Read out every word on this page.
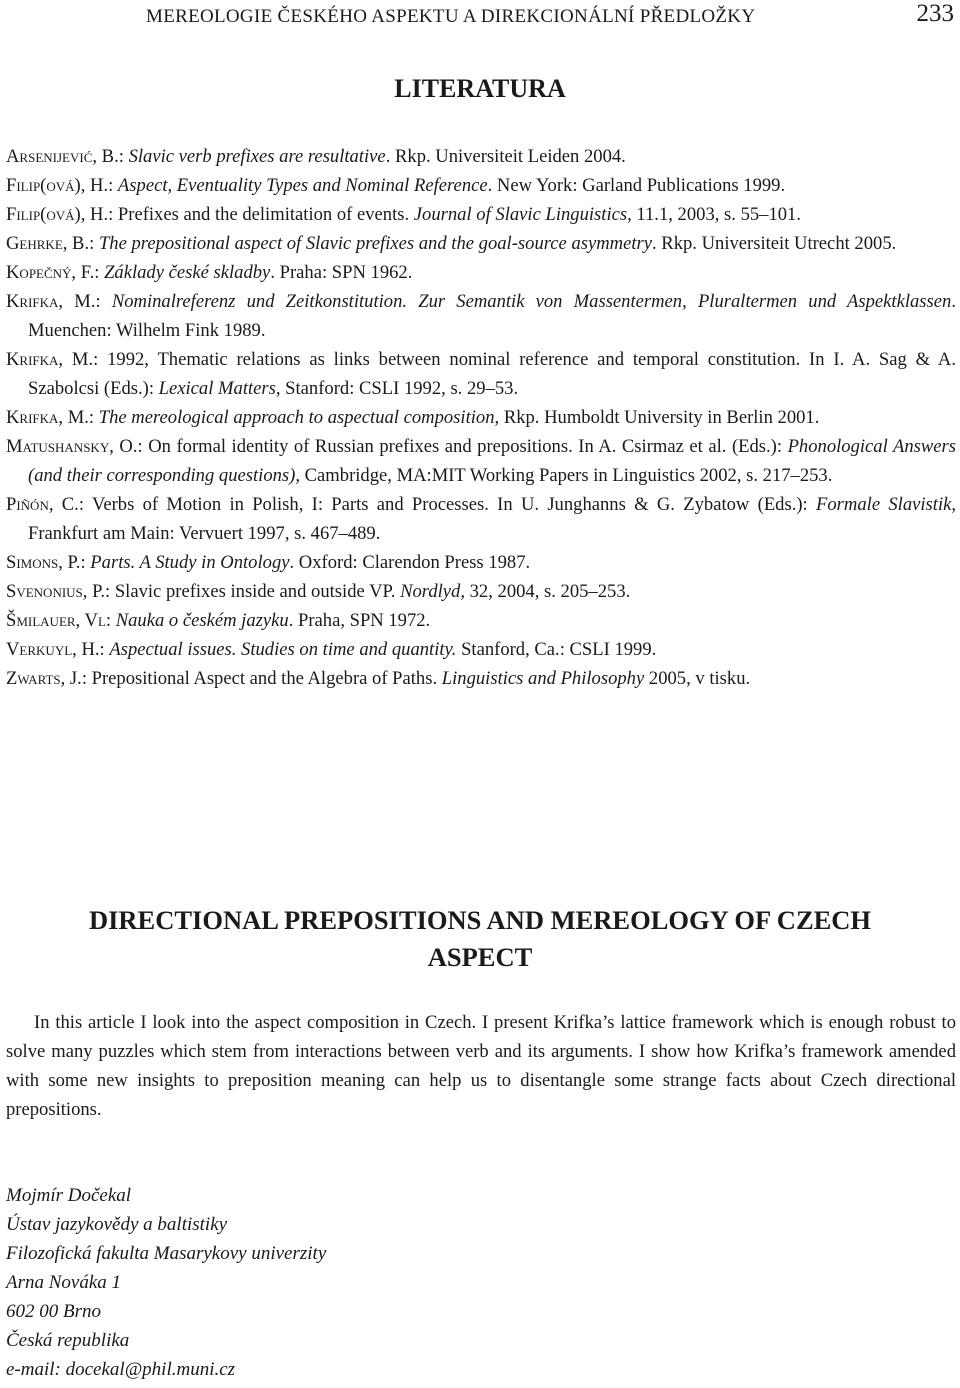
MEREOLOGIE ČESKÉHO ASPEKTU A DIREKCIONÁLNÍ PŘEDLOŽKY	233
LITERATURA
Arsenijević, B.: Slavic verb prefixes are resultative. Rkp. Universiteit Leiden 2004.
Filip(ová), H.: Aspect, Eventuality Types and Nominal Reference. New York: Garland Publications 1999.
Filip(ová), H.: Prefixes and the delimitation of events. Journal of Slavic Linguistics, 11.1, 2003, s. 55–101.
Gehrke, B.: The prepositional aspect of Slavic prefixes and the goal-source asymmetry. Rkp. Universiteit Utrecht 2005.
Kopečný, F.: Základy české skladby. Praha: SPN 1962.
Krifka, M.: Nominalreferenz und Zeitkonstitution. Zur Semantik von Massentermen, Pluraltermen und Aspektklassen. Muenchen: Wilhelm Fink 1989.
Krifka, M.: 1992, Thematic relations as links between nominal reference and temporal constitution. In I. A. Sag & A. Szabolcsi (Eds.): Lexical Matters, Stanford: CSLI 1992, s. 29–53.
Krifka, M.: The mereological approach to aspectual composition, Rkp. Humboldt University in Berlin 2001.
Matushansky, O.: On formal identity of Russian prefixes and prepositions. In A. Csirmaz et al. (Eds.): Phonological Answers (and their corresponding questions), Cambridge, MA:MIT Working Papers in Linguistics 2002, s. 217–253.
Piñón, C.: Verbs of Motion in Polish, I: Parts and Processes. In U. Junghanns & G. Zybatow (Eds.): Formale Slavistik, Frankfurt am Main: Vervuert 1997, s. 467–489.
Simons, P.: Parts. A Study in Ontology. Oxford: Clarendon Press 1987.
Svenonius, P.: Slavic prefixes inside and outside VP. Nordlyd, 32, 2004, s. 205–253.
Šmilauer, Vl: Nauka o českém jazyku. Praha, SPN 1972.
Verkuyl, H.: Aspectual issues. Studies on time and quantity. Stanford, Ca.: CSLI 1999.
Zwarts, J.: Prepositional Aspect and the Algebra of Paths. Linguistics and Philosophy 2005, v tisku.
DIRECTIONAL PREPOSITIONS AND MEREOLOGY OF CZECH
ASPECT
In this article I look into the aspect composition in Czech. I present Krifka’s lattice framework which is enough robust to solve many puzzles which stem from interactions between verb and its arguments. I show how Krifka’s framework amended with some new insights to preposition meaning can help us to disentangle some strange facts about Czech directional prepositions.
Mojmír Dočekal
Ústav jazykovědy a baltistiky
Filozofická fakulta Masarykovy univerzity
Arna Nováka 1
602 00 Brno
Česká republika
e-mail: docekal@phil.muni.cz
